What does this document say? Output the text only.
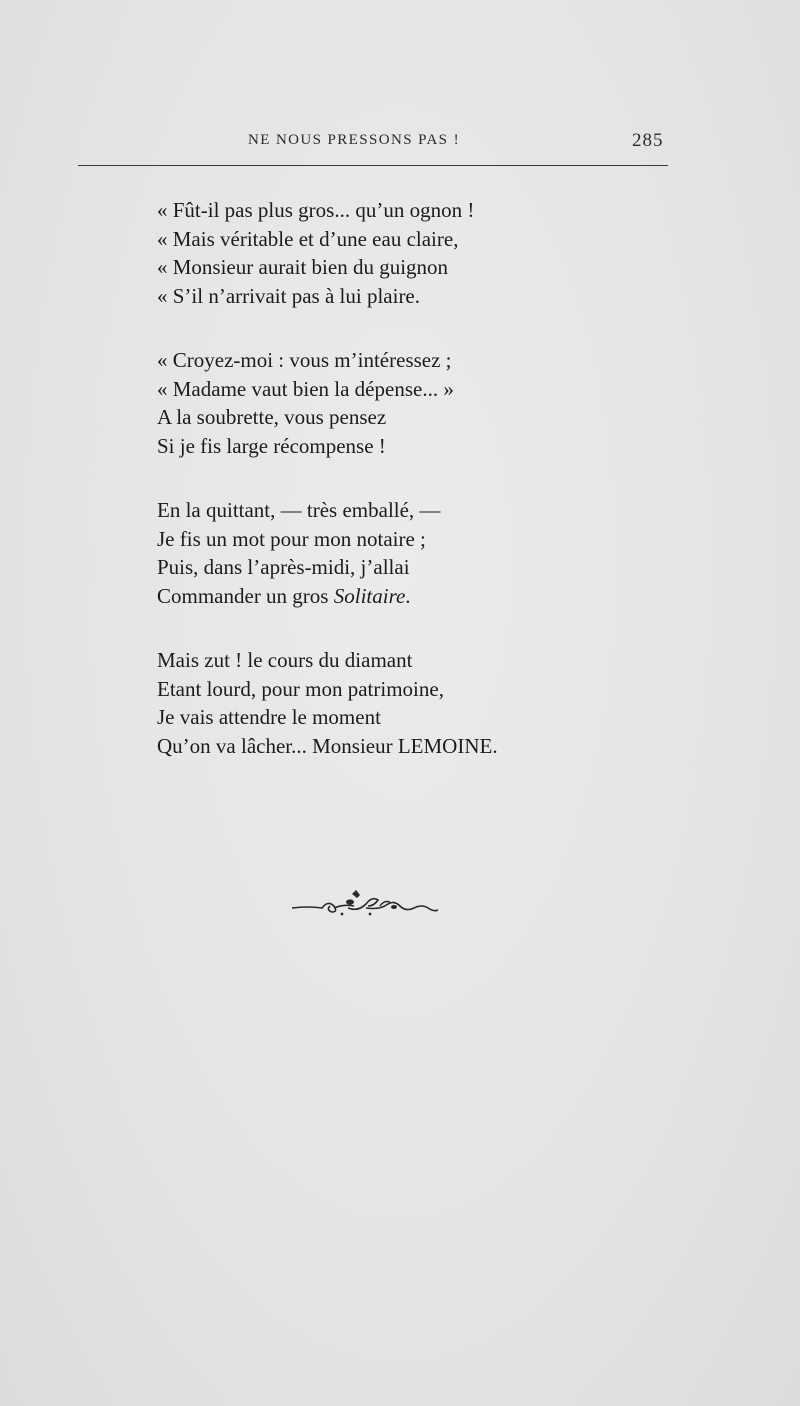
NE NOUS PRESSONS PAS !	285
« Fût-il pas plus gros... qu’un ognon !
« Mais véritable et d’une eau claire,
« Monsieur aurait bien du guignon
« S’il n’arrivait pas à lui plaire.
« Croyez-moi : vous m’intéressez ;
« Madame vaut bien la dépense... »
A la soubrette, vous pensez
Si je fis large récompense !
En la quittant, — très emballé, —
Je fis un mot pour mon notaire ;
Puis, dans l’après-midi, j’allai
Commander un gros Solitaire.
Mais zut ! le cours du diamant
Etant lourd, pour mon patrimoine,
Je vais attendre le moment
Qu’on va lâcher... Monsieur LEMOINE.
